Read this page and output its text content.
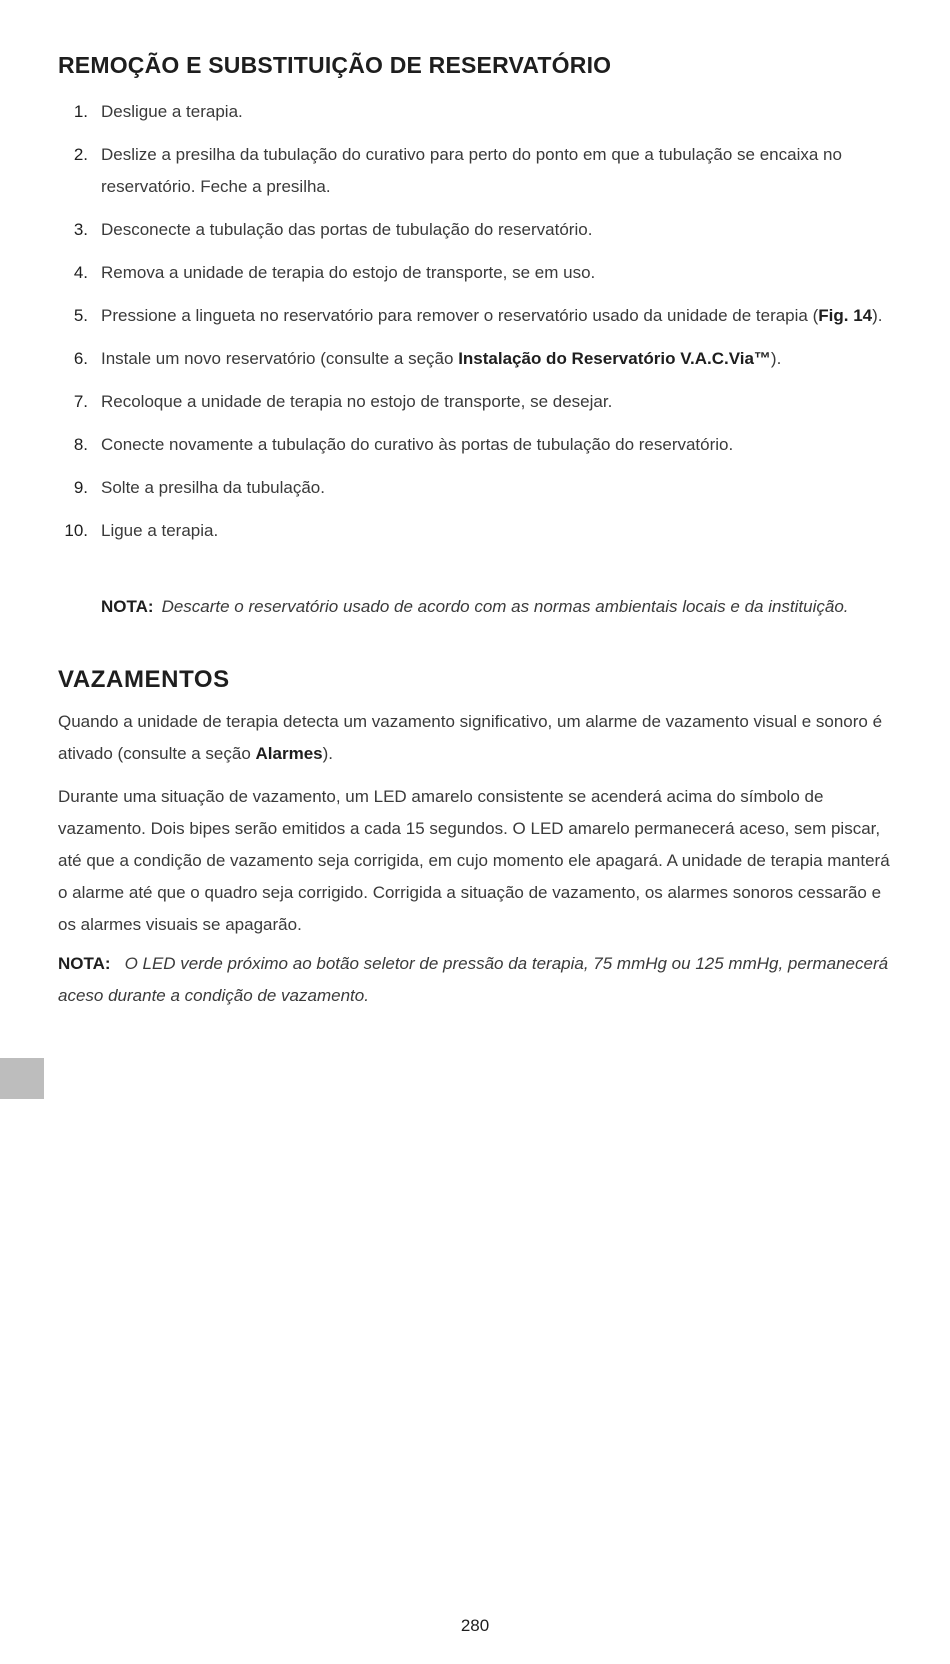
REMOÇÃO E SUBSTITUIÇÃO DE RESERVATÓRIO
1. Desligue a terapia.
2. Deslize a presilha da tubulação do curativo para perto do ponto em que a tubulação se encaixa no reservatório. Feche a presilha.
3. Desconecte a tubulação das portas de tubulação do reservatório.
4. Remova a unidade de terapia do estojo de transporte, se em uso.
5. Pressione a lingueta no reservatório para remover o reservatório usado da unidade de terapia (Fig. 14).
6. Instale um novo reservatório (consulte a seção Instalação do Reservatório V.A.C.Via™).
7. Recoloque a unidade de terapia no estojo de transporte, se desejar.
8. Conecte novamente a tubulação do curativo às portas de tubulação do reservatório.
9. Solte a presilha da tubulação.
10. Ligue a terapia.
NOTA: Descarte o reservatório usado de acordo com as normas ambientais locais e da instituição.
VAZAMENTOS

Quando a unidade de terapia detecta um vazamento significativo, um alarme de vazamento visual e sonoro é ativado (consulte a seção Alarmes).

Durante uma situação de vazamento, um LED amarelo consistente se acenderá acima do símbolo de vazamento. Dois bipes serão emitidos a cada 15 segundos. O LED amarelo permanecerá aceso, sem piscar, até que a condição de vazamento seja corrigida, em cujo momento ele apagará. A unidade de terapia manterá o alarme até que o quadro seja corrigido. Corrigida a situação de vazamento, os alarmes sonoros cessarão e os alarmes visuais se apagarão.

NOTA: O LED verde próximo ao botão seletor de pressão da terapia, 75 mmHg ou 125 mmHg, permanecerá aceso durante a condição de vazamento.
280
